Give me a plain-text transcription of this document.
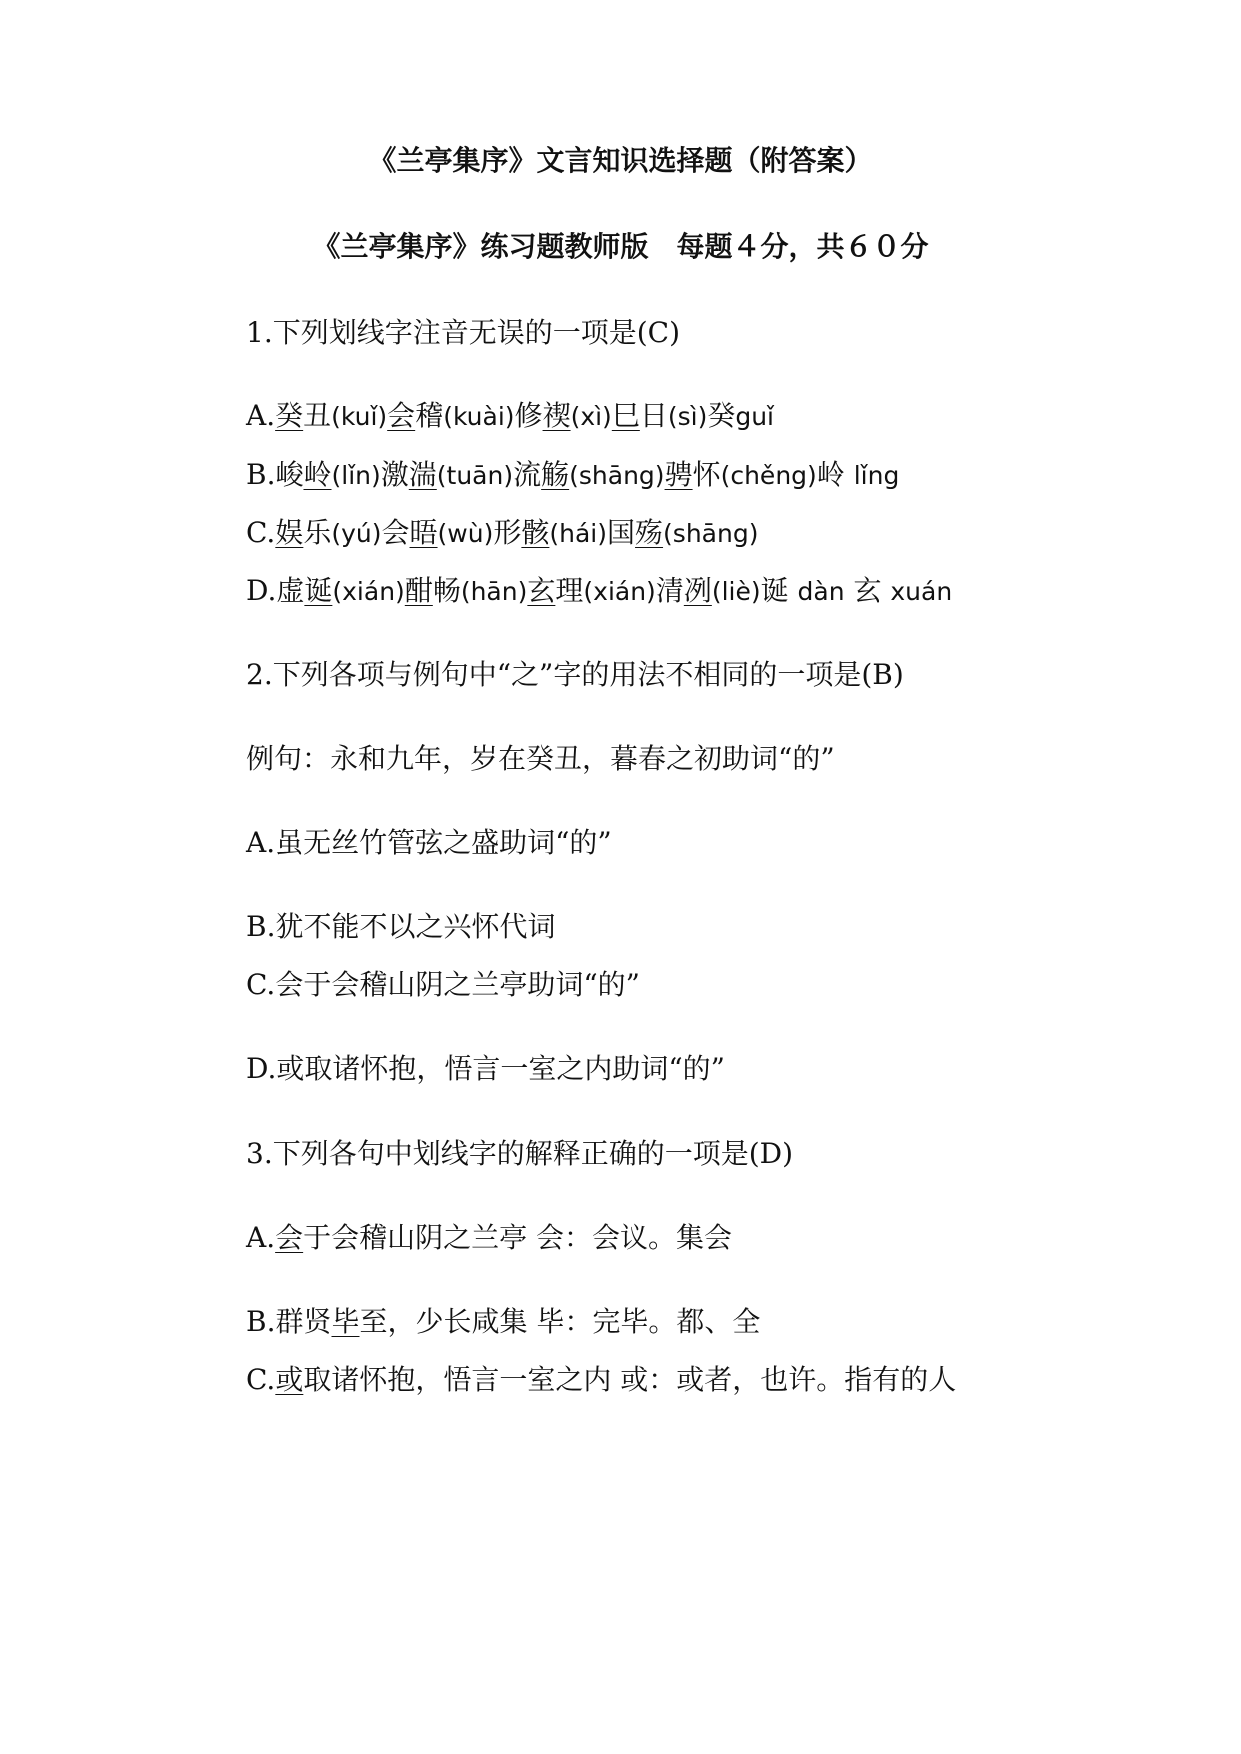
《兰亭集序》文言知识选择题（附答案）
《兰亭集序》练习题教师版　每题４分，共６０分
1.下列划线字注音无误的一项是(C)
A.癸丑(kuǐ)会稽(kuài)修禊(xì)巳日(sì)癸guǐ
B.峻岭(lǐn)激湍(tuān)流觞(shāng)骋怀(chěng)岭 lǐng
C.娱乐(yú)会晤(wù)形骸(hái)国殇(shāng)
D.虚诞(xián)酣畅(hān)玄理(xián)清冽(liè)诞 dàn 玄 xuán
2.下列各项与例句中“之”字的用法不相同的一项是(B)
例句：永和九年，岁在癸丑，暮春之初助词“的”
A.虽无丝竹管弦之盛助词“的”
B.犹不能不以之兴怀代词
C.会于会稽山阴之兰亭助词“的”
D.或取诸怀抱，悟言一室之内助词“的”
3.下列各句中划线字的解释正确的一项是(D)
A.会于会稽山阴之兰亭 会：会议。集会
B.群贤毕至，少长咸集 毕：完毕。都、全
C.或取诸怀抱，悟言一室之内 或：或者，也许。指有的人
